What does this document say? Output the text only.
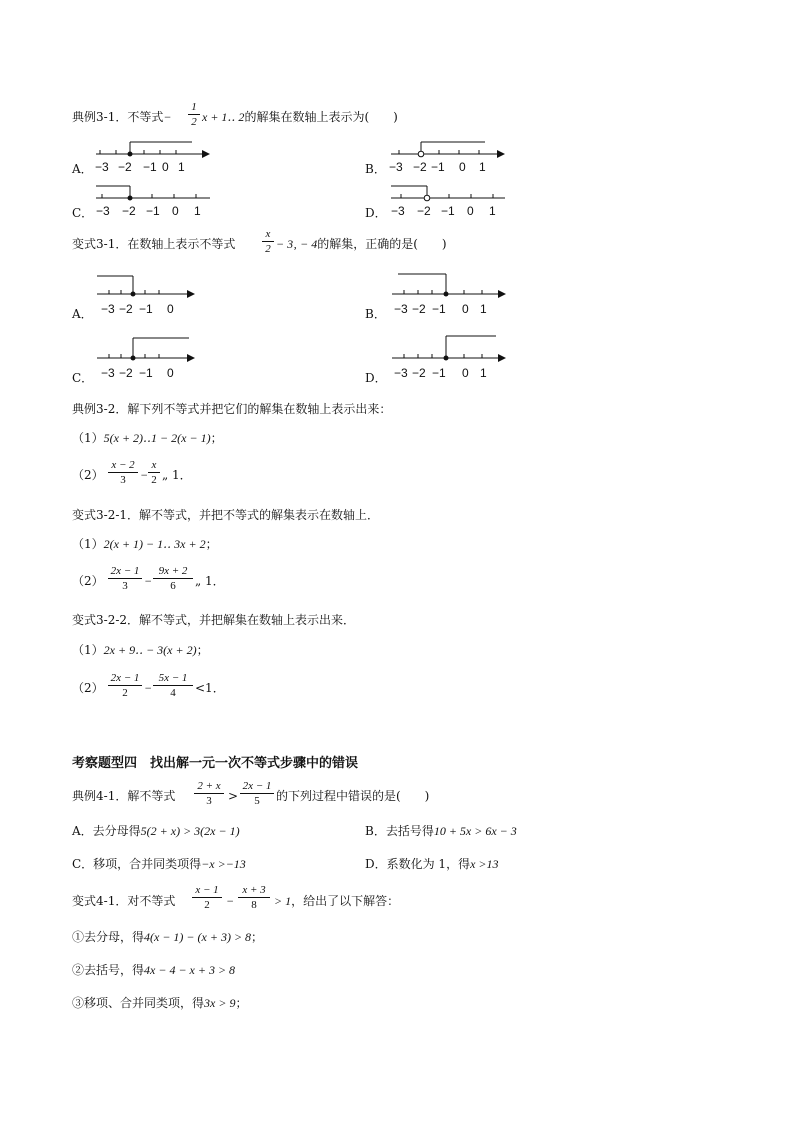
典例3-1．不等式−
1
2 x + 1‥ 2的解集在数轴上表示为(　　)
A．	B．
C．	D．
−3 −2 −1 0 1	−3 −2 −1 0 1
−3 −2 −1 0 1	−3 −2 −1 0 1
变式3-1．在数轴上表示不等式
x
2 − 3‚ − 4的解集，正确的是(　　)
A．	B．
C．	D．
−3 −2 −1 0	−3 −2 −1 0 1
−3 −2 −1 0	−3 −2 −1 0 1
典例3-2．解下列不等式并把它们的解集在数轴上表示出来：
（1）5(x + 2)‥1 − 2(x − 1)；
（2）
x − 2
3	−
x
2 „ 1．
变式3-2-1．解不等式，并把不等式的解集表示在数轴上．
（1）2(x + 1) − 1‥ 3x + 2；
（2）
2x − 1
3	−
9x + 2
6	„ 1．
变式3-2-2．解不等式，并把解集在数轴上表示出来．
（1）2x + 9‥ − 3(x + 2)；
（2）
2x − 1
2	−
5x − 1
4	<1．
考察题型四　找出解一元一次不等式步骤中的错误
典例4-1．解不等式
2 + x
3	>
2x − 1
5	的下列过程中错误的是(　　)
A．去分母得5(2 + x) > 3(2x − 1)	B．去括号得10 + 5x > 6x − 3
C．移项，合并同类项得−x >−13	D．系数化为 1，得x >13
变式4-1．对不等式
x − 1
2	−
x + 3
8	> 1，给出了以下解答：
①去分母，得4(x − 1) − (x + 3) > 8；
②去括号，得4x − 4 − x + 3 > 8
③移项、合并同类项，得3x > 9；
